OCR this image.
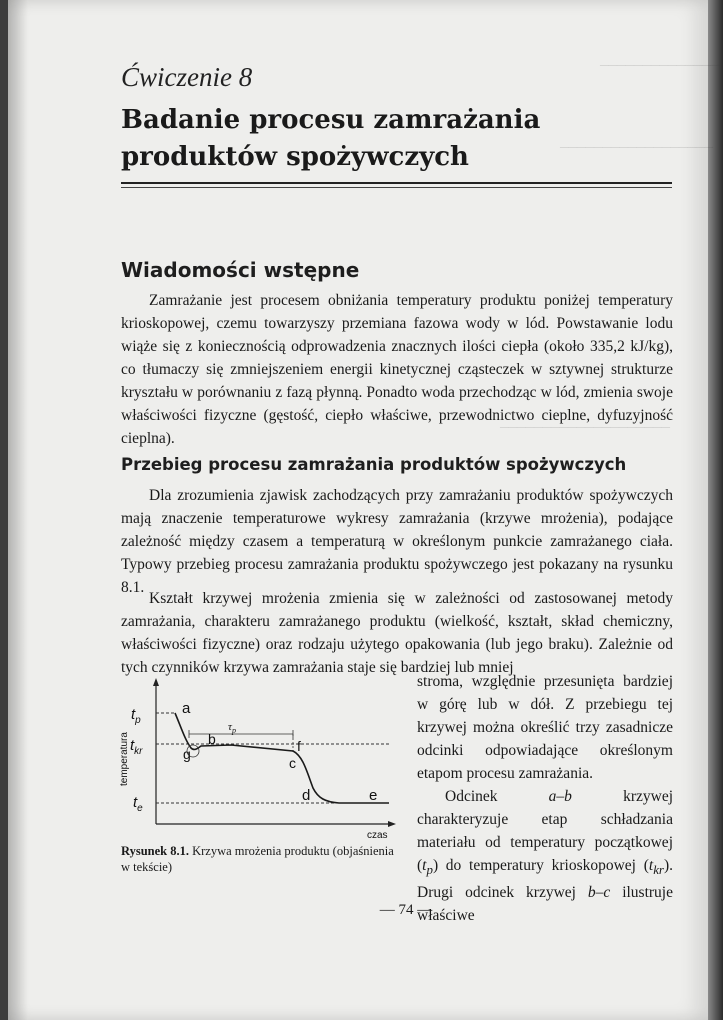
──────────────
──────────────────
────────────────────
Ćwiczenie 8
Badanie procesu zamrażania
produktów spożywczych
Wiadomości wstępne
Zamrażanie jest procesem obniżania temperatury produktu poniżej temperatury krioskopowej, czemu towarzyszy przemiana fazowa wody w lód. Powstawanie lodu wiąże się z koniecznością odprowadzenia znacznych ilości ciepła (około 335,2 kJ/kg), co tłumaczy się zmniejszeniem energii kinetycznej cząsteczek w sztywnej strukturze kryształu w porównaniu z fazą płynną. Ponadto woda przechodząc w lód, zmienia swoje właściwości fizyczne (gęstość, ciepło właściwe, przewodnictwo cieplne, dyfuzyjność cieplna).
Przebieg procesu zamrażania produktów spożywczych
Dla zrozumienia zjawisk zachodzących przy zamrażaniu produktów spożywczych mają znaczenie temperaturowe wykresy zamrażania (krzywe mrożenia), podające zależność między czasem a temperaturą w określonym punkcie zamrażanego ciała. Typowy przebieg procesu zamrażania produktu spożywczego jest pokazany na rysunku 8.1.
Kształt krzywej mrożenia zmienia się w zależności od zastosowanej metody zamrażania, charakteru zamrażanego produktu (wielkość, kształt, skład chemiczny, właściwości fizyczne) oraz rodzaju użytego opakowania (lub jego braku). Zależnie od tych czynników krzywa zamrażania staje się bardziej lub mniej

stroma, względnie przesunięta bardziej w górę lub w dół. Z przebiegu tej krzywej można określić trzy zasadnicze odcinki odpowiadające określonym etapom procesu zamrażania.

Odcinek a–b krzywej charakteryzuje etap schładzania materiału od temperatury początkowej $(t_p)$ do temperatury krioskopowej $(t_{kr})$. Drugi odcinek krzywej b–c ilustruje właściwe

$t_p$
$t_{kr}$
$t_e$
$\tau_p$
a
b
g	f
c
d	e
temperatura
czas
Rysunek 8.1. Krzywa mrożenia produktu (objaśnienia w tekście)
— 74 —
